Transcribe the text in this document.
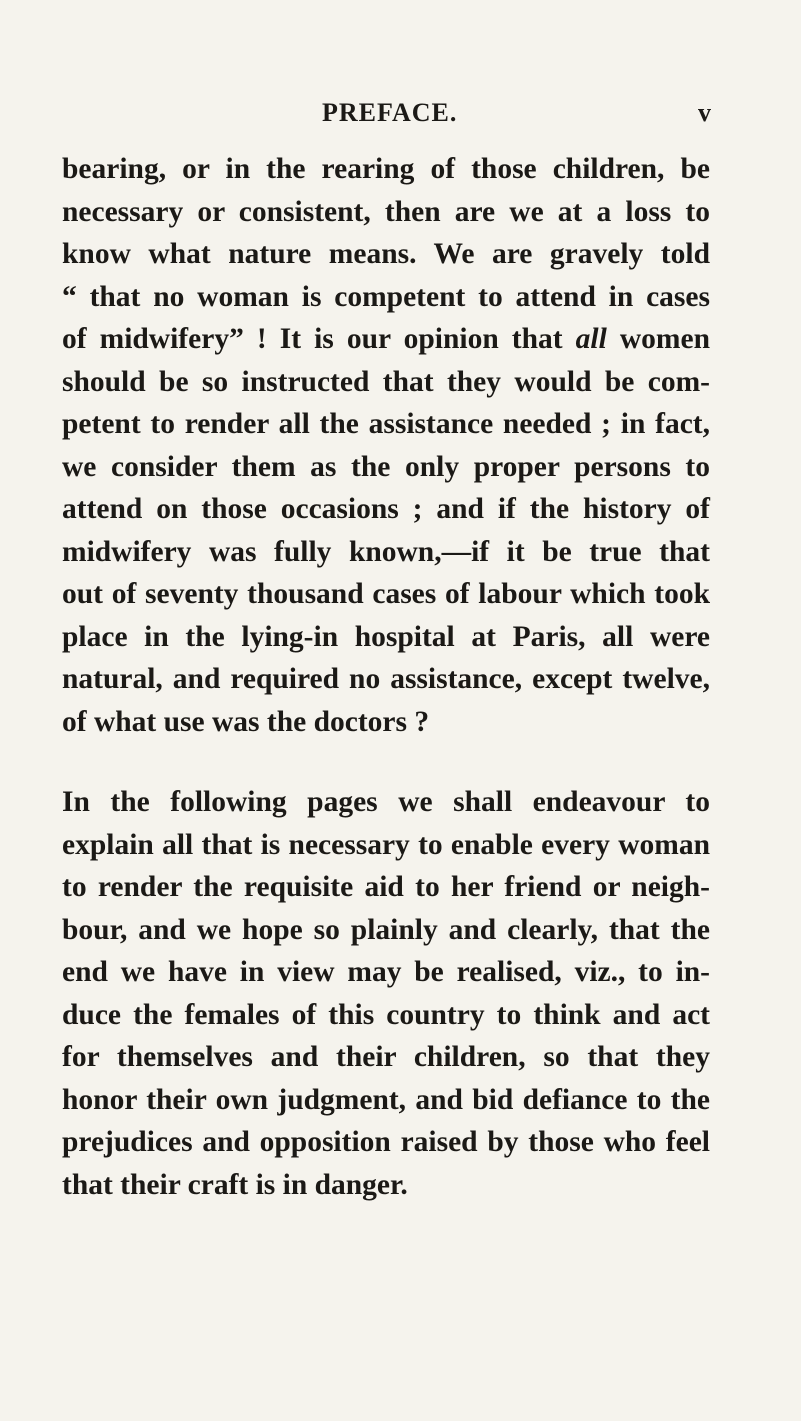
PREFACE.	v
bearing, or in the rearing of those children, be
necessary or consistent, then are we at a loss to
know what nature means. We are gravely told
“ that no woman is competent to attend in cases
of midwifery” ! It is our opinion that all women
should be so instructed that they would be com-
petent to render all the assistance needed ; in fact,
we consider them as the only proper persons to
attend on those occasions ; and if the history of
midwifery was fully known,—if it be true that
out of seventy thousand cases of labour which took
place in the lying-in hospital at Paris, all were
natural, and required no assistance, except twelve,
of what use was the doctors ?
In the following pages we shall endeavour to
explain all that is necessary to enable every woman
to render the requisite aid to her friend or neigh-
bour, and we hope so plainly and clearly, that the
end we have in view may be realised, viz., to in-
duce the females of this country to think and act
for themselves and their children, so that they
honor their own judgment, and bid defiance to the
prejudices and opposition raised by those who feel
that their craft is in danger.
